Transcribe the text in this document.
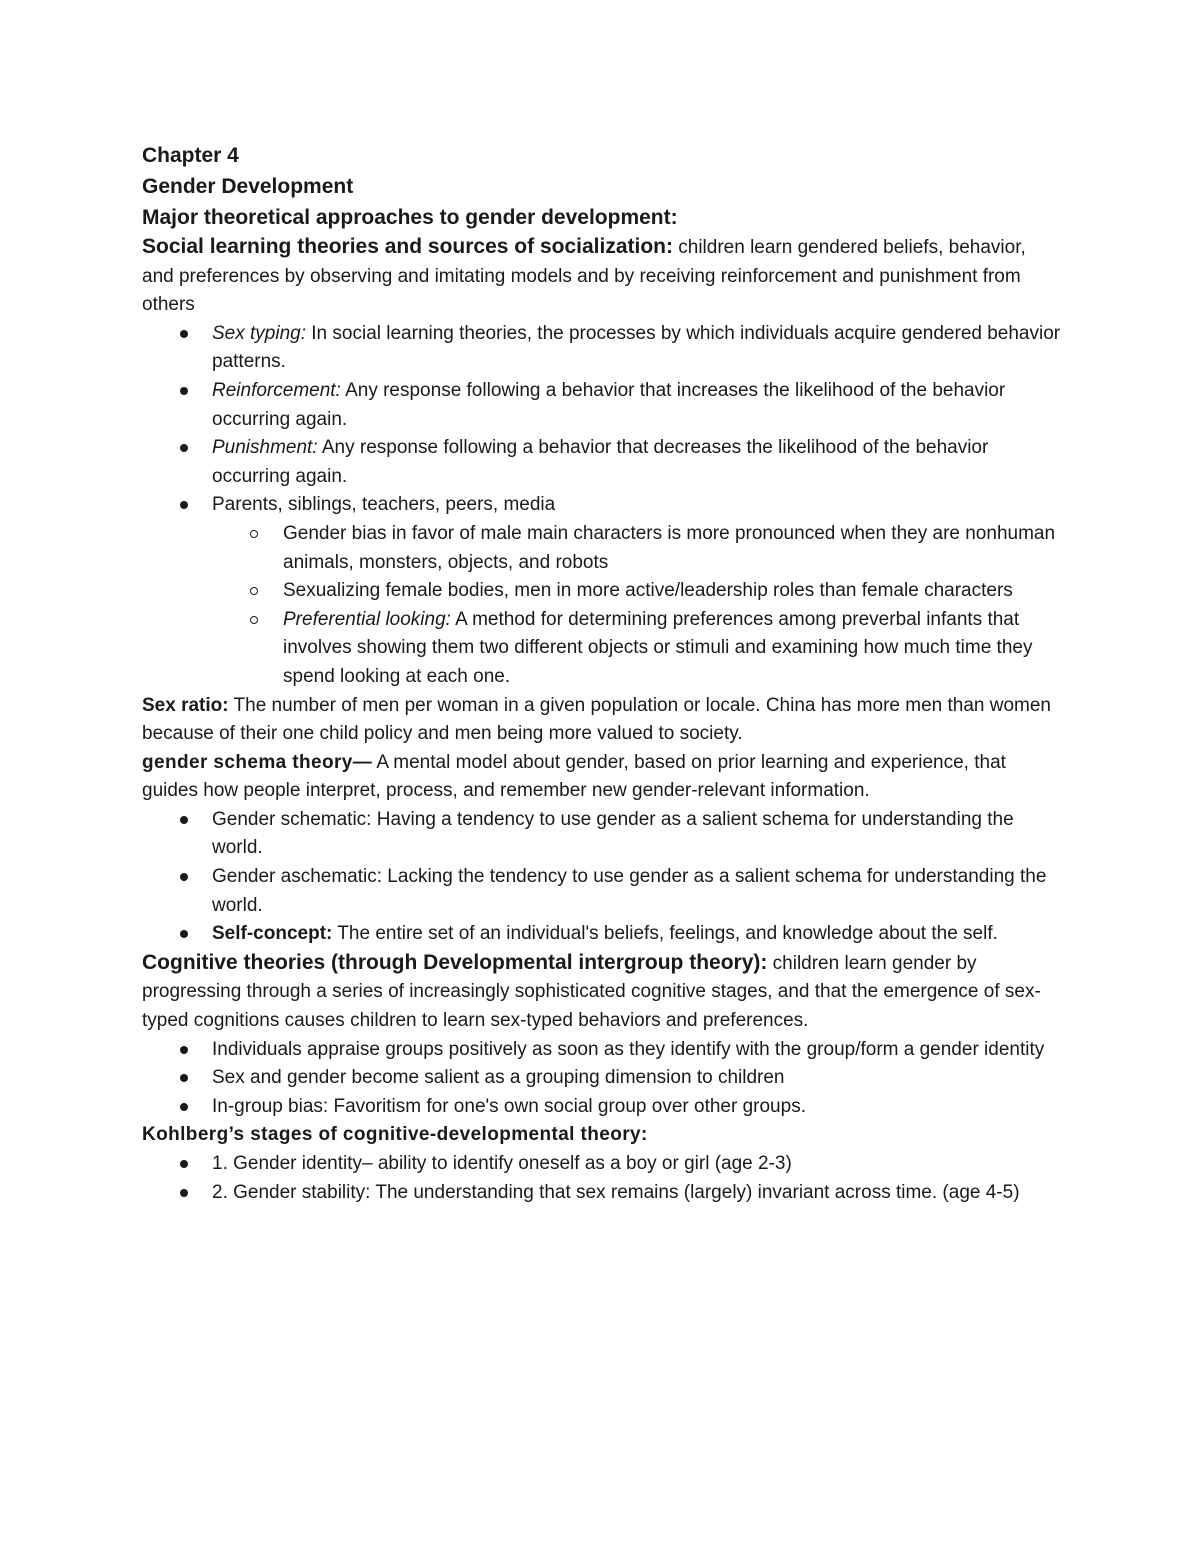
Chapter 4
Gender Development
Major theoretical approaches to gender development:

Social learning theories and sources of socialization: children learn gendered beliefs, behavior, and preferences by observing and imitating models and by receiving reinforcement and punishment from others

Sex typing: In social learning theories, the processes by which individuals acquire gendered behavior patterns.
Reinforcement: Any response following a behavior that increases the likelihood of the behavior occurring again.
Punishment: Any response following a behavior that decreases the likelihood of the behavior occurring again.
Parents, siblings, teachers, peers, media
Gender bias in favor of male main characters is more pronounced when they are nonhuman animals, monsters, objects, and robots
Sexualizing female bodies, men in more active/leadership roles than female characters
Preferential looking: A method for determining preferences among preverbal infants that involves showing them two different objects or stimuli and examining how much time they spend looking at each one.

Sex ratio: The number of men per woman in a given population or locale. China has more men than women because of their one child policy and men being more valued to society.

gender schema theory— A mental model about gender, based on prior learning and experience, that guides how people interpret, process, and remember new gender-relevant information.

Gender schematic: Having a tendency to use gender as a salient schema for understanding the world.
Gender aschematic: Lacking the tendency to use gender as a salient schema for understanding the world.
Self-concept: The entire set of an individual's beliefs, feelings, and knowledge about the self.

Cognitive theories (through Developmental intergroup theory): children learn gender by progressing through a series of increasingly sophisticated cognitive stages, and that the emergence of sex-typed cognitions causes children to learn sex-typed behaviors and preferences.

Individuals appraise groups positively as soon as they identify with the group/form a gender identity
Sex and gender become salient as a grouping dimension to children
In-group bias: Favoritism for one's own social group over other groups.

Kohlberg’s stages of cognitive-developmental theory:

1. Gender identity– ability to identify oneself as a boy or girl (age 2-3)
2. Gender stability: The understanding that sex remains (largely) invariant across time. (age 4-5)
